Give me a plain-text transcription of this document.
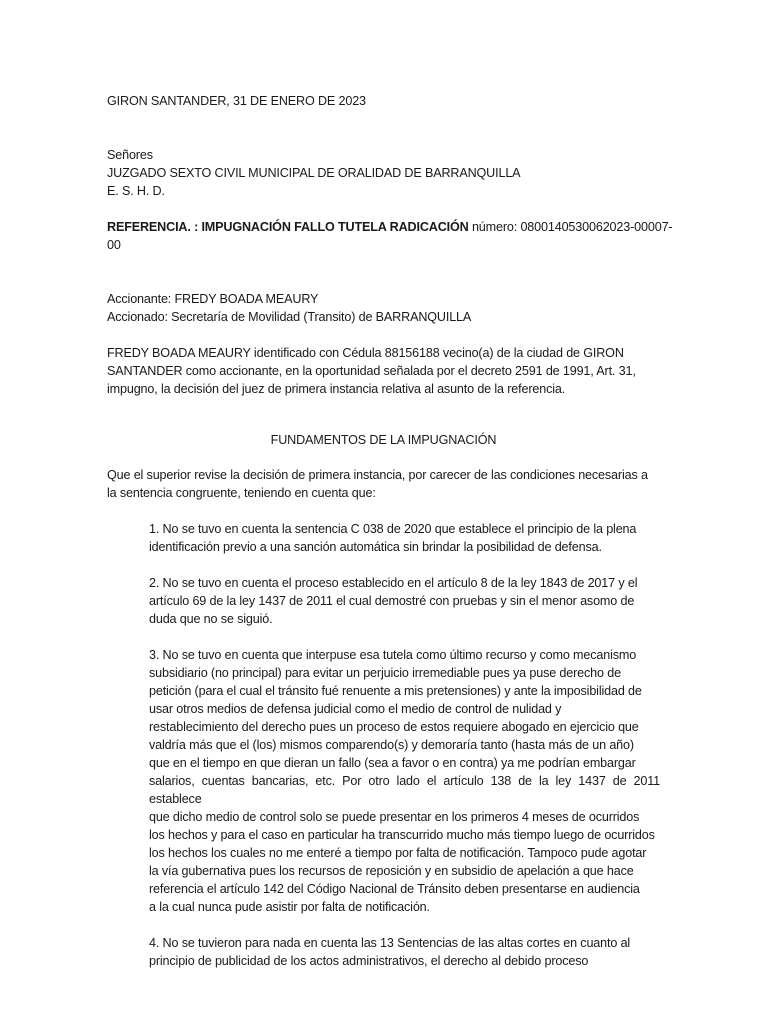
GIRON SANTANDER, 31 DE ENERO DE 2023

Señores

JUZGADO SEXTO CIVIL MUNICIPAL DE ORALIDAD DE BARRANQUILLA

E. S. H. D.

REFERENCIA. : IMPUGNACIÓN FALLO TUTELA RADICACIÓN número: 0800140530062023-00007-

00

Accionante: FREDY BOADA MEAURY

Accionado: Secretaría de Movilidad (Transito) de BARRANQUILLA

FREDY BOADA MEAURY identificado con Cédula 88156188 vecino(a) de la ciudad de GIRON

SANTANDER como accionante, en la oportunidad señalada por el decreto 2591 de 1991, Art. 31,

impugno, la decisión del juez de primera instancia relativa al asunto de la referencia.

FUNDAMENTOS DE LA IMPUGNACIÓN

Que el superior revise la decisión de primera instancia, por carecer de las condiciones necesarias a

la sentencia congruente, teniendo en cuenta que:

1. No se tuvo en cuenta la sentencia C 038 de 2020 que establece el principio de la plena

identificación previo a una sanción automática sin brindar la posibilidad de defensa.

2. No se tuvo en cuenta el proceso establecido en el artículo 8 de la ley 1843 de 2017 y el

artículo 69 de la ley 1437 de 2011 el cual demostré con pruebas y sin el menor asomo de

duda que no se siguió.

3. No se tuvo en cuenta que interpuse esa tutela como último recurso y como mecanismo

subsidiario (no principal) para evitar un perjuicio irremediable pues ya puse derecho de

petición (para el cual el tránsito fué renuente a mis pretensiones) y ante la imposibilidad de

usar otros medios de defensa judicial como el medio de control de nulidad y

restablecimiento del derecho pues un proceso de estos requiere abogado en ejercicio que

valdría más que el (los) mismos comparendo(s) y demoraría tanto (hasta más de un año)

que en el tiempo en que dieran un fallo (sea a favor o en contra) ya me podrían embargar

salarios, cuentas bancarias, etc. Por otro lado el artículo 138 de la ley 1437 de 2011 establece

que dicho medio de control solo se puede presentar en los primeros 4 meses de ocurridos

los hechos y para el caso en particular ha transcurrido mucho más tiempo luego de ocurridos

los hechos los cuales no me enteré a tiempo por falta de notificación. Tampoco pude agotar

la vía gubernativa pues los recursos de reposición y en subsidio de apelación a que hace

referencia el artículo 142 del Código Nacional de Tránsito deben presentarse en audiencia

a la cual nunca pude asistir por falta de notificación.

4. No se tuvieron para nada en cuenta las 13 Sentencias de las altas cortes en cuanto al

principio de publicidad de los actos administrativos, el derecho al debido proceso
